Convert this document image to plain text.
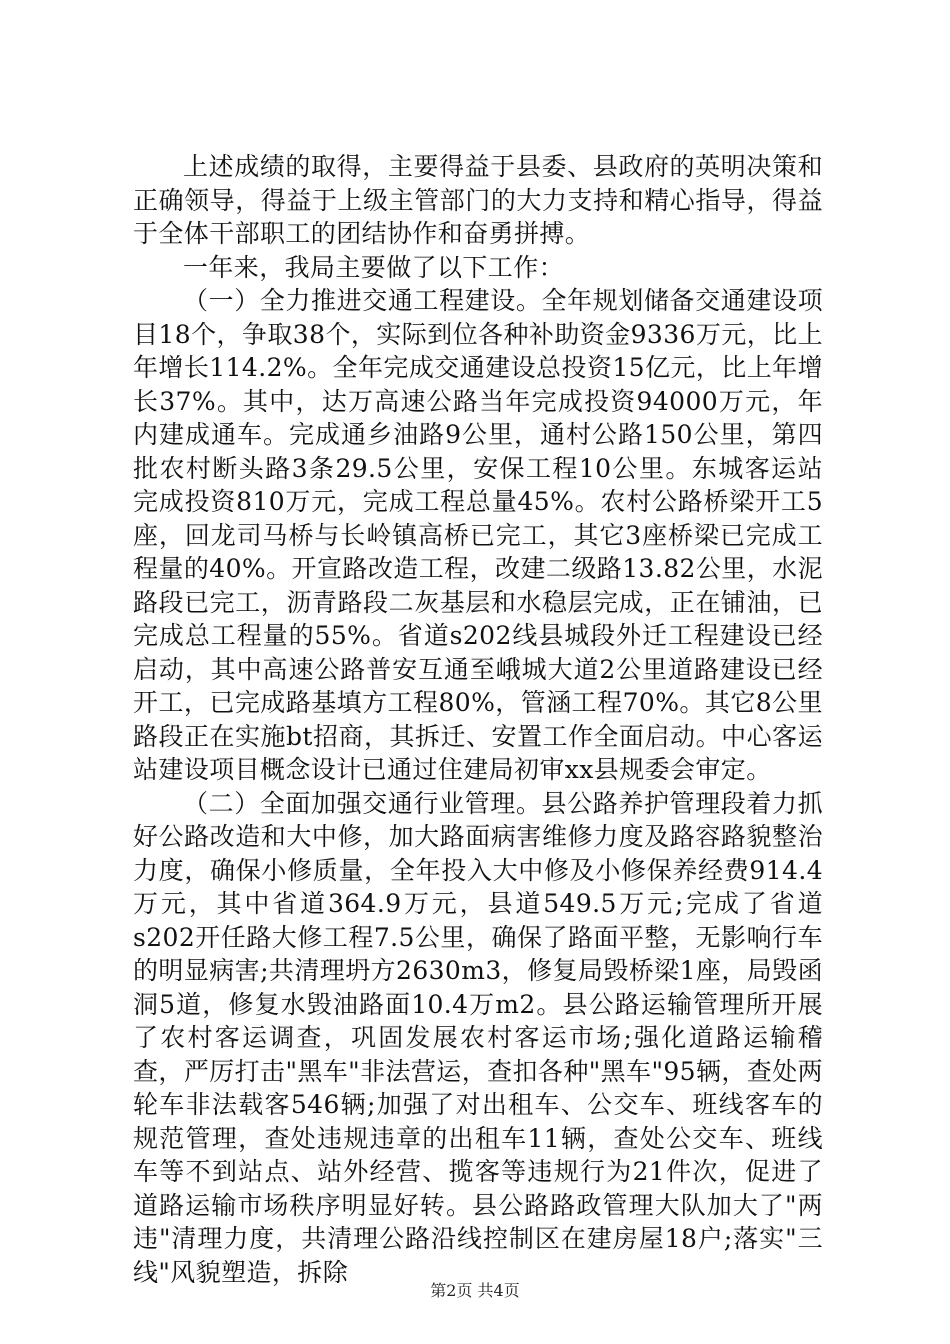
上述成绩的取得，主要得益于县委、县政府的英明决策和正确领导，得益于上级主管部门的大力支持和精心指导，得益于全体干部职工的团结协作和奋勇拼搏。

一年来，我局主要做了以下工作：

（一）全力推进交通工程建设。全年规划储备交通建设项目18个，争取38个，实际到位各种补助资金9336万元，比上年增长114.2%。全年完成交通建设总投资15亿元，比上年增长37%。其中，达万高速公路当年完成投资94000万元，年内建成通车。完成通乡油路9公里，通村公路150公里，第四批农村断头路3条29.5公里，安保工程10公里。东城客运站完成投资810万元，完成工程总量45%。农村公路桥梁开工5座，回龙司马桥与长岭镇高桥已完工，其它3座桥梁已完成工程量的40%。开宣路改造工程，改建二级路13.82公里，水泥路段已完工，沥青路段二灰基层和水稳层完成，正在铺油，已完成总工程量的55%。省道s202线县城段外迁工程建设已经启动，其中高速公路普安互通至峨城大道2公里道路建设已经开工，已完成路基填方工程80%，管涵工程70%。其它8公里路段正在实施bt招商，其拆迁、安置工作全面启动。中心客运站建设项目概念设计已通过住建局初审xx县规委会审定。

（二）全面加强交通行业管理。县公路养护管理段着力抓好公路改造和大中修，加大路面病害维修力度及路容路貌整治力度，确保小修质量，全年投入大中修及小修保养经费914.4万元，其中省道364.9万元，县道549.5万元;完成了省道s202开任路大修工程7.5公里，确保了路面平整，无影响行车的明显病害;共清理坍方2630m3，修复局毁桥梁1座，局毁函洞5道，修复水毁油路面10.4万m2。县公路运输管理所开展了农村客运调查，巩固发展农村客运市场;强化道路运输稽查，严厉打击"黑车"非法营运，查扣各种"黑车"95辆，查处两轮车非法载客546辆;加强了对出租车、公交车、班线客车的规范管理，查处违规违章的出租车11辆，查处公交车、班线车等不到站点、站外经营、揽客等违规行为21件次，促进了道路运输市场秩序明显好转。县公路路政管理大队加大了"两违"清理力度，共清理公路沿线控制区在建房屋18户;落实"三线"风貌塑造，拆除

第2页 共4页
